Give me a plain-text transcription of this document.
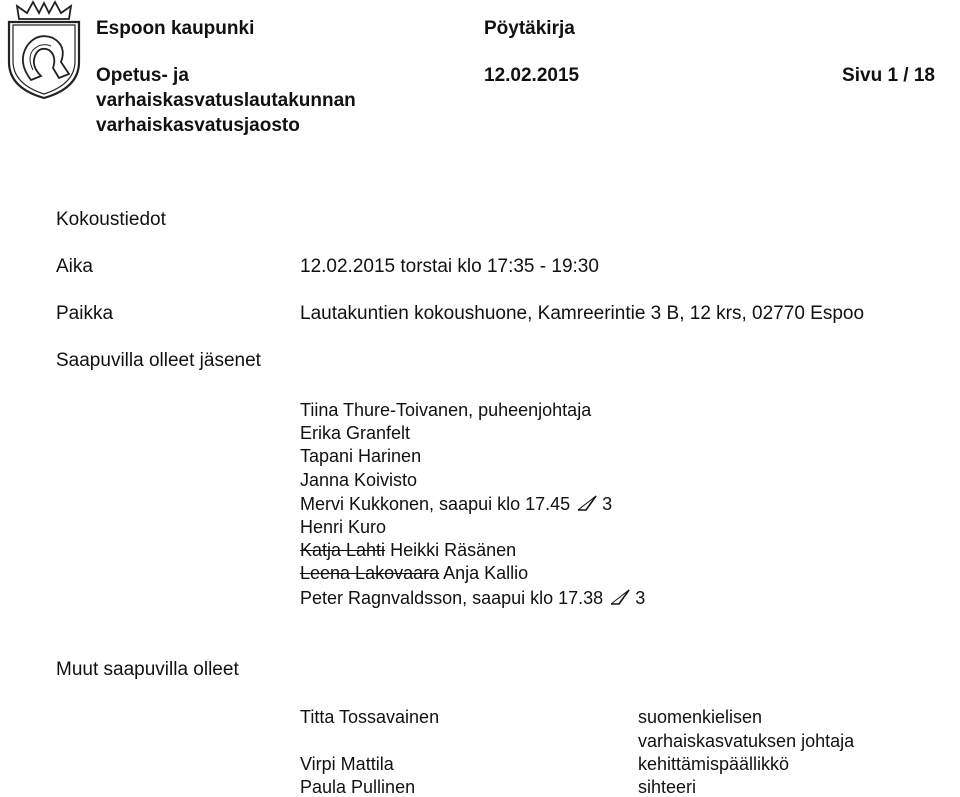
Espoon kaupunki	Pöytäkirja
Opetus- ja
varhaiskasvatuslautakunnan
varhaiskasvatusjaosto
12.02.2015	Sivu 1 / 18
Kokoustiedot
Aika	12.02.2015 torstai klo 17:35 - 19:30
Paikka	Lautakuntien kokoushuone, Kamreerintie 3 B, 12 krs, 02770 Espoo
Saapuvilla olleet jäsenet
Tiina Thure-Toivanen, puheenjohtaja
Erika Granfelt
Tapani Harinen
Janna Koivisto
Mervi Kukkonen, saapui klo 17.45 3
Henri Kuro
Katja Lahti Heikki Räsänen
Leena Lakovaara Anja Kallio
Peter Ragnvaldsson, saapui klo 17.38 3
Muut saapuvilla olleet
Titta Tossavainen	suomenkielisen
varhaiskasvatuksen johtaja
Virpi Mattila	kehittämispäällikkö
Paula Pullinen	sihteeri
